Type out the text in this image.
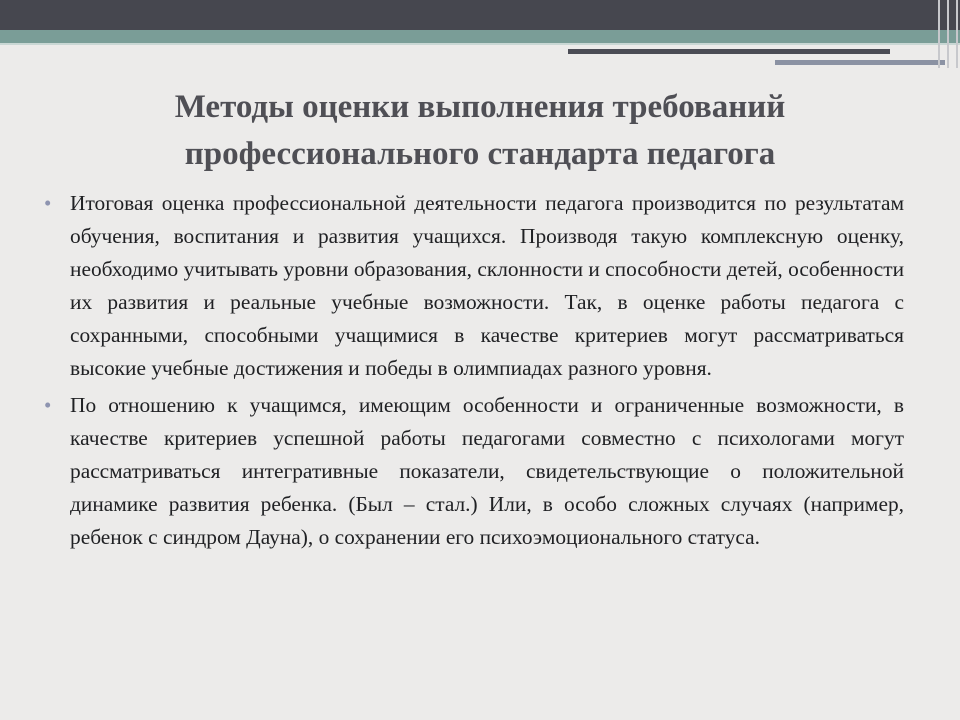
Методы оценки выполнения требований
профессионального стандарта педагога
• Итоговая оценка профессиональной деятельности педагога производится по результатам обучения, воспитания и развития учащихся. Производя такую комплексную оценку, необходимо учитывать уровни образования, склонности и способности детей, особенности их развития и реальные учебные возможности. Так, в оценке работы педагога с сохранными, способными учащимися в качестве критериев могут рассматриваться высокие учебные достижения и победы в олимпиадах разного уровня.
• По отношению к учащимся, имеющим особенности и ограниченные возможности, в качестве критериев успешной работы педагогами совместно с психологами могут рассматриваться интегративные показатели, свидетельствующие о положительной динамике развития ребенка. (Был – стал.) Или, в особо сложных случаях (например, ребенок с синдром Дауна), о сохранении его психоэмоционального статуса.
